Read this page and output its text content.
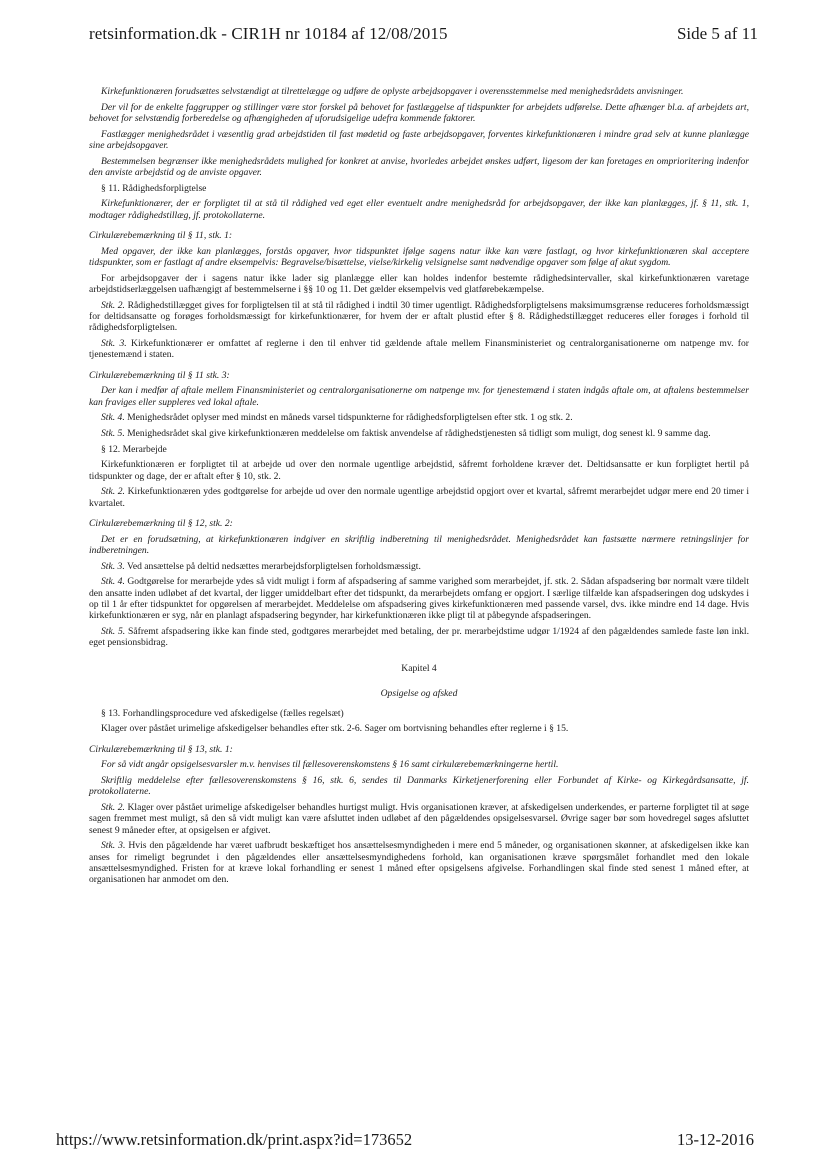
retsinformation.dk - CIR1H nr 10184 af 12/08/2015	Side 5 af 11

Kirkefunktionæren forudsættes selvstændigt at tilrettelægge og udføre de oplyste arbejdsopgaver i overensstemmelse med menighedsrådets anvisninger.

Der vil for de enkelte faggrupper og stillinger være stor forskel på behovet for fastlæggelse af tidspunkter for arbejdets udførelse. Dette afhænger bl.a. af arbejdets art, behovet for selvstændig forberedelse og afhængigheden af uforudsigelige udefra kommende faktorer.

Fastlægger menighedsrådet i væsentlig grad arbejdstiden til fast mødetid og faste arbejdsopgaver, forventes kirkefunktionæren i mindre grad selv at kunne planlægge sine arbejdsopgaver.

Bestemmelsen begrænser ikke menighedsrådets mulighed for konkret at anvise, hvorledes arbejdet ønskes udført, ligesom der kan foretages en omprioritering indenfor den anviste arbejdstid og de anviste opgaver.

§ 11. Rådighedsforpligtelse

Kirkefunktionærer, der er forpligtet til at stå til rådighed ved eget eller eventuelt andre menighedsråd for arbejdsopgaver, der ikke kan planlægges, jf. § 11, stk. 1, modtager rådighedstillæg, jf. protokollaterne.

Cirkulærebemærkning til § 11, stk. 1:

Med opgaver, der ikke kan planlægges, forstås opgaver, hvor tidspunktet ifølge sagens natur ikke kan være fastlagt, og hvor kirkefunktionæren skal acceptere tidspunkter, som er fastlagt af andre eksempelvis: Begravelse/bisættelse, vielse/kirkelig velsignelse samt nødvendige opgaver som følge af akut sygdom.

For arbejdsopgaver der i sagens natur ikke lader sig planlægge eller kan holdes indenfor bestemte rådighedsintervaller, skal kirkefunktionæren varetage arbejdstidserlæggelsen uafhængigt af bestemmelserne i §§ 10 og 11. Det gælder eksempelvis ved glatførebekæmpelse.

Stk. 2. Rådighedstillægget gives for forpligtelsen til at stå til rådighed i indtil 30 timer ugentligt. Rådighedsforpligtelsens maksimumsgrænse reduceres forholdsmæssigt for deltidsansatte og forøges forholdsmæssigt for kirkefunktionærer, for hvem der er aftalt plustid efter § 8. Rådighedstillægget reduceres eller forøges i forhold til rådighedsforpligtelsen.

Stk. 3. Kirkefunktionærer er omfattet af reglerne i den til enhver tid gældende aftale mellem Finansministeriet og centralorganisationerne om natpenge mv. for tjenestemænd i staten.

Cirkulærebemærkning til § 11 stk. 3:

Der kan i medfør af aftale mellem Finansministeriet og centralorganisationerne om natpenge mv. for tjenestemænd i staten indgås aftale om, at aftalens bestemmelser kan fraviges eller suppleres ved lokal aftale.

Stk. 4. Menighedsrådet oplyser med mindst en måneds varsel tidspunkterne for rådighedsforpligtelsen efter stk. 1 og stk. 2.

Stk. 5. Menighedsrådet skal give kirkefunktionæren meddelelse om faktisk anvendelse af rådighedstjenesten så tidligt som muligt, dog senest kl. 9 samme dag.

§ 12. Merarbejde

Kirkefunktionæren er forpligtet til at arbejde ud over den normale ugentlige arbejdstid, såfremt forholdene kræver det. Deltidsansatte er kun forpligtet hertil på tidspunkter og dage, der er aftalt efter § 10, stk. 2.

Stk. 2. Kirkefunktionæren ydes godtgørelse for arbejde ud over den normale ugentlige arbejdstid opgjort over et kvartal, såfremt merarbejdet udgør mere end 20 timer i kvartalet.

Cirkulærebemærkning til § 12, stk. 2:

Det er en forudsætning, at kirkefunktionæren indgiver en skriftlig indberetning til menighedsrådet. Menighedsrådet kan fastsætte nærmere retningslinjer for indberetningen.

Stk. 3. Ved ansættelse på deltid nedsættes merarbejdsforpligtelsen forholdsmæssigt.

Stk. 4. Godtgørelse for merarbejde ydes så vidt muligt i form af afspadsering af samme varighed som merarbejdet, jf. stk. 2. Sådan afspadsering bør normalt være tildelt den ansatte inden udløbet af det kvartal, der ligger umiddelbart efter det tidspunkt, da merarbejdets omfang er opgjort. I særlige tilfælde kan afspadseringen dog udskydes i op til 1 år efter tidspunktet for opgørelsen af merarbejdet. Meddelelse om afspadsering gives kirkefunktionæren med passende varsel, dvs. ikke mindre end 14 dage. Hvis kirkefunktionæren er syg, når en planlagt afspadsering begynder, har kirkefunktionæren ikke pligt til at påbegynde afspadseringen.

Stk. 5. Såfremt afspadsering ikke kan finde sted, godtgøres merarbejdet med betaling, der pr. merarbejdstime udgør 1/1924 af den pågældendes samlede faste løn inkl. eget pensionsbidrag.

Kapitel 4

Opsigelse og afsked

§ 13. Forhandlingsprocedure ved afskedigelse (fælles regelsæt)

Klager over påstået urimelige afskedigelser behandles efter stk. 2-6. Sager om bortvisning behandles efter reglerne i § 15.

Cirkulærebemærkning til § 13, stk. 1:

For så vidt angår opsigelsesvarsler m.v. henvises til fællesoverenskomstens § 16 samt cirkulærebemærkningerne hertil.

Skriftlig meddelelse efter fællesoverenskomstens § 16, stk. 6, sendes til Danmarks Kirketjenerforening eller Forbundet af Kirke- og Kirkegårdsansatte, jf. protokollaterne.

Stk. 2. Klager over påstået urimelige afskedigelser behandles hurtigst muligt. Hvis organisationen kræver, at afskedigelsen underkendes, er parterne forpligtet til at søge sagen fremmet mest muligt, så den så vidt muligt kan være afsluttet inden udløbet af den pågældendes opsigelsesvarsel. Øvrige sager bør som hovedregel søges afsluttet senest 9 måneder efter, at opsigelsen er afgivet.

Stk. 3. Hvis den pågældende har været uafbrudt beskæftiget hos ansættelsesmyndigheden i mere end 5 måneder, og organisationen skønner, at afskedigelsen ikke kan anses for rimeligt begrundet i den pågældendes eller ansættelsesmyndighedens forhold, kan organisationen kræve spørgsmålet forhandlet med den lokale ansættelsesmyndighed. Fristen for at kræve lokal forhandling er senest 1 måned efter opsigelsens afgivelse. Forhandlingen skal finde sted senest 1 måned efter, at organisationen har anmodet om den.

https://www.retsinformation.dk/print.aspx?id=173652	13-12-2016
